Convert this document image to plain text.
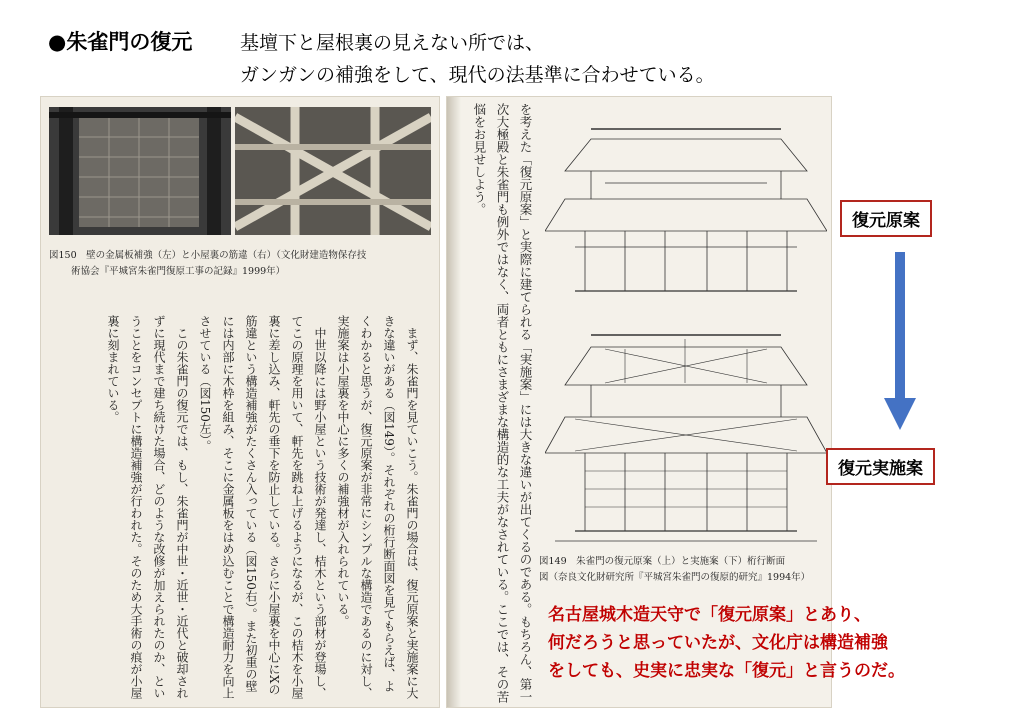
●朱雀門の復元	基壇下と屋根裏の見えない所では、
ガンガンの補強をして、現代の法基準に合わせている。
図150　壁の金属板補強（左）と小屋裏の筋違（右）（文化財建造物保存技
術協会『平城宮朱雀門復原工事の記録』1999年）

まず、朱雀門を見ていこう。朱雀門の場合は、復元原案と実施案に大きな違いがある（図149）。それぞれの桁行断面図を見てもらえば、よくわかると思うが、復元原案が非常にシンプルな構造であるのに対し、実施案は小屋裏を中心に多くの補強材が入れられている。

中世以降には野小屋という技術が発達し、桔木という部材が登場し、てこの原理を用いて、軒先を跳ね上げるようになるが、この桔木を小屋裏に差し込み、軒先の垂下を防止している。さらに小屋裏を中心にXの筋違という構造補強がたくさん入っている（図150右）。また初重の壁には内部に木枠を組み、そこに金属板をはめ込むことで構造耐力を向上させている（図150左）。

この朱雀門の復元では、もし、朱雀門が中世・近世・近代と破却されずに現代まで建ち続けた場合、どのような改修が加えられたのか、ということをコンセプトに構造補強が行われた。そのため大手術の痕が小屋裏に刻まれている。	を考えた「復元原案」と実際に建てられる「実施案」には大きな違いが出てくるのである。もちろん、第一次大極殿と朱雀門も例外ではなく、両者ともにさまざまな構造的な工夫がなされている。ここでは、その苦悩をお見せしよう。
図149　朱雀門の復元原案（上）と実施案（下）桁行断面
図（奈良文化財研究所『平城宮朱雀門の復原的研究』1994年）
復元原案
復元実施案
名古屋城木造天守で「復元原案」とあり、
何だろうと思っていたが、文化庁は構造補強
をしても、史実に忠実な「復元」と言うのだ。
